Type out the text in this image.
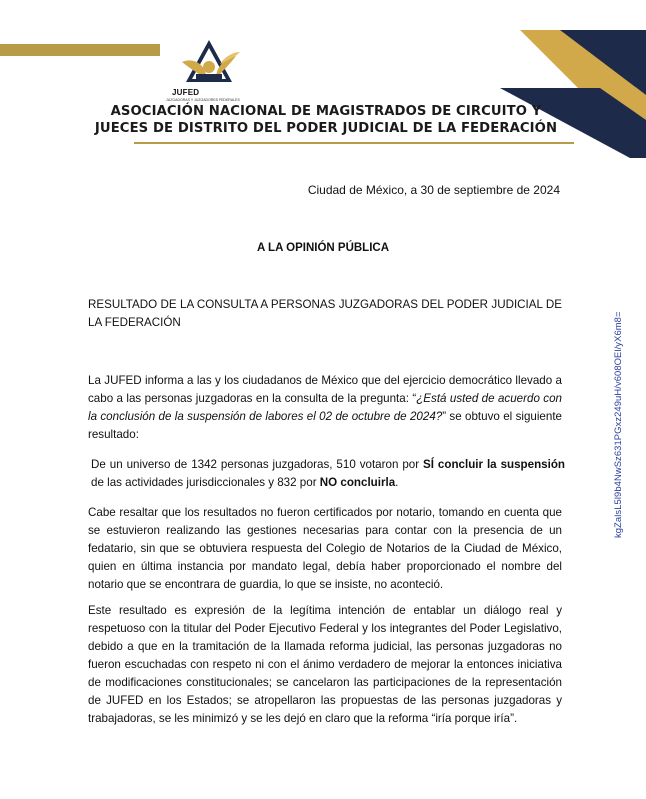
JUFED
JUZGADORAS Y JUZGADORES FEDERALES
ASOCIACIÓN NACIONAL DE MAGISTRADOS DE CIRCUITO Y
JUECES DE DISTRITO DEL PODER JUDICIAL DE LA FEDERACIÓN
Ciudad de México, a 30 de septiembre de 2024
A LA OPINIÓN PÚBLICA
RESULTADO DE LA CONSULTA A PERSONAS JUZGADORAS DEL PODER JUDICIAL DE LA FEDERACIÓN
La JUFED informa a las y los ciudadanos de México que del ejercicio democrático llevado a cabo a las personas juzgadoras en la consulta de la pregunta: “¿Está usted de acuerdo con la conclusión de la suspensión de labores el 02 de octubre de 2024?” se obtuvo el siguiente resultado:
De un universo de 1342 personas juzgadoras, 510 votaron por SÍ concluir la suspensión de las actividades jurisdiccionales y 832 por NO concluirla.
Cabe resaltar que los resultados no fueron certificados por notario, tomando en cuenta que se estuvieron realizando las gestiones necesarias para contar con la presencia de un fedatario, sin que se obtuviera respuesta del Colegio de Notarios de la Ciudad de México, quien en última instancia por mandato legal, debía haber proporcionado el nombre del notario que se encontrara de guardia, lo que se insiste, no aconteció.
Este resultado es expresión de la legítima intención de entablar un diálogo real y respetuoso con la titular del Poder Ejecutivo Federal y los integrantes del Poder Legislativo, debido a que en la tramitación de la llamada reforma judicial, las personas juzgadoras no fueron escuchadas con respeto ni con el ánimo verdadero de mejorar la entonces iniciativa de modificaciones constitucionales; se cancelaron las participaciones de la representación de JUFED en los Estados; se atropellaron las propuestas de las personas juzgadoras y trabajadoras, se les minimizó y se les dejó en claro que la reforma “iría porque iría”.
kgZalsL5l9b4NwSz631PGxz249uH/v608OEl/yX6m8=
